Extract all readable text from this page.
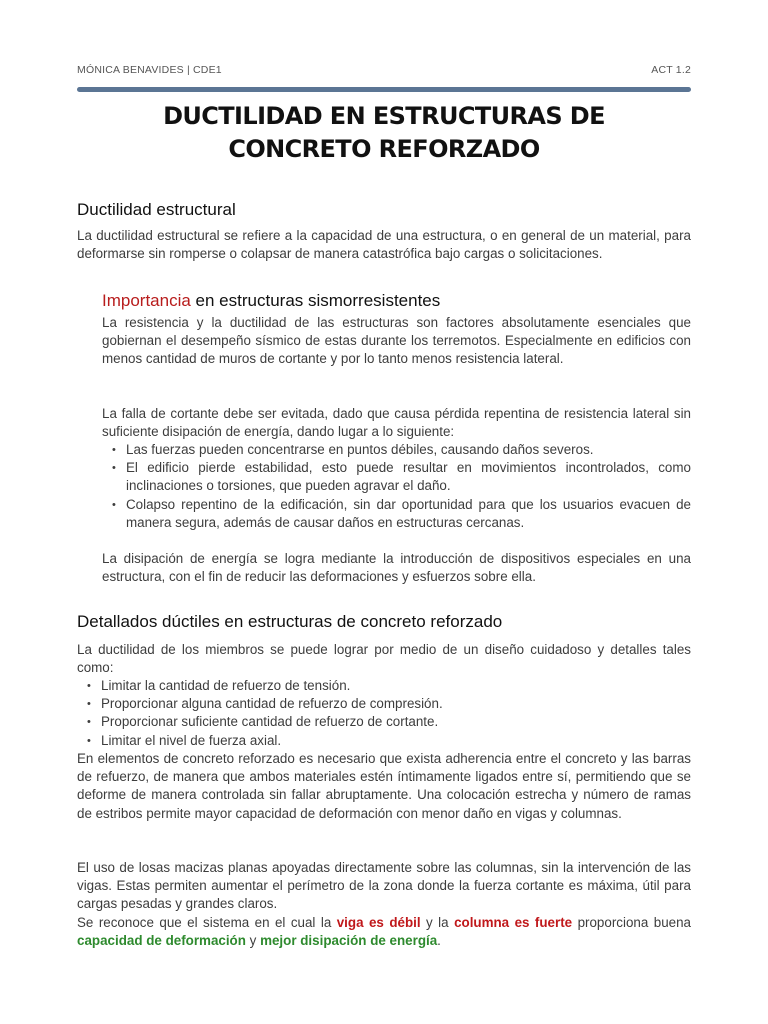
MÓNICA BENAVIDES | CDE1	ACT 1.2
DUCTILIDAD EN ESTRUCTURAS DE
CONCRETO REFORZADO
Ductilidad estructural
La ductilidad estructural se refiere a la capacidad de una estructura, o en general de un material, para deformarse sin romperse o colapsar de manera catastrófica bajo cargas o solicitaciones.
Importancia en estructuras sismorresistentes
La resistencia y la ductilidad de las estructuras son factores absolutamente esenciales que gobiernan el desempeño sísmico de estas durante los terremotos. Especialmente en edificios con menos cantidad de muros de cortante y por lo tanto menos resistencia lateral.
La falla de cortante debe ser evitada, dado que causa pérdida repentina de resistencia lateral sin suficiente disipación de energía, dando lugar a lo siguiente:
• Las fuerzas pueden concentrarse en puntos débiles, causando daños severos.
• El edificio pierde estabilidad, esto puede resultar en movimientos incontrolados, como inclinaciones o torsiones, que pueden agravar el daño.
• Colapso repentino de la edificación, sin dar oportunidad para que los usuarios evacuen de manera segura, además de causar daños en estructuras cercanas.
La disipación de energía se logra mediante la introducción de dispositivos especiales en una estructura, con el fin de reducir las deformaciones y esfuerzos sobre ella.
Detallados dúctiles en estructuras de concreto reforzado
La ductilidad de los miembros se puede lograr por medio de un diseño cuidadoso y detalles tales como:
• Limitar la cantidad de refuerzo de tensión.
• Proporcionar alguna cantidad de refuerzo de compresión.
• Proporcionar suficiente cantidad de refuerzo de cortante.
• Limitar el nivel de fuerza axial.
En elementos de concreto reforzado es necesario que exista adherencia entre el concreto y las barras de refuerzo, de manera que ambos materiales estén íntimamente ligados entre sí, permitiendo que se deforme de manera controlada sin fallar abruptamente. Una colocación estrecha y número de ramas de estribos permite mayor capacidad de deformación con menor daño en vigas y columnas.
El uso de losas macizas planas apoyadas directamente sobre las columnas, sin la intervención de las vigas. Estas permiten aumentar el perímetro de la zona donde la fuerza cortante es máxima, útil para cargas pesadas y grandes claros.
Se reconoce que el sistema en el cual la viga es débil y la columna es fuerte proporciona buena capacidad de deformación y mejor disipación de energía.
